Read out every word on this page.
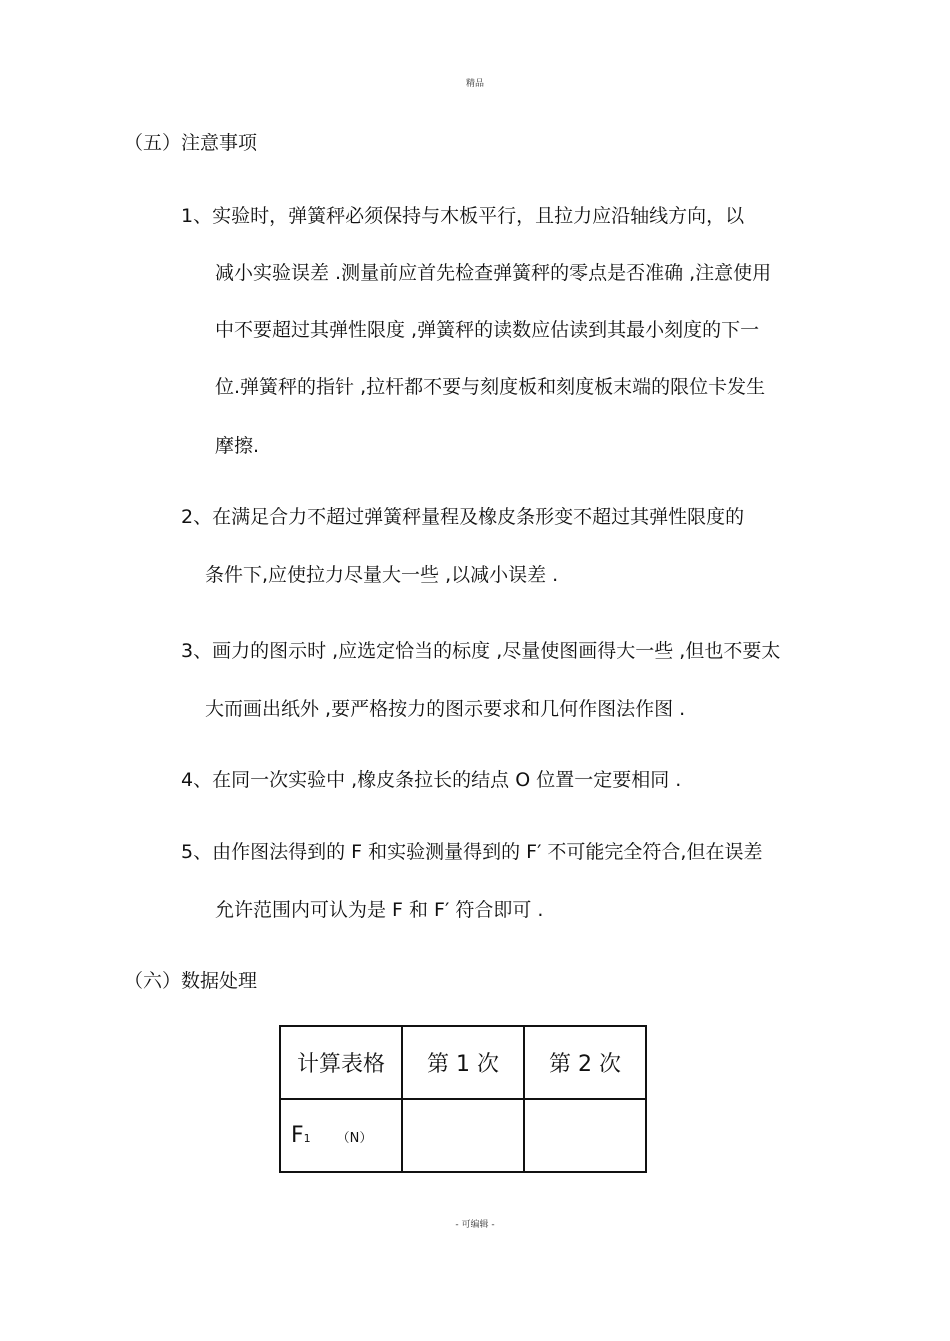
精品
（五）注意事项
1、实验时，弹簧秤必须保持与木板平行，且拉力应沿轴线方向，以
减小实验误差 .测量前应首先检查弹簧秤的零点是否准确 ,注意使用
中不要超过其弹性限度 ,弹簧秤的读数应估读到其最小刻度的下一
位.弹簧秤的指针 ,拉杆都不要与刻度板和刻度板末端的限位卡发生
摩擦.
2、在满足合力不超过弹簧秤量程及橡皮条形变不超过其弹性限度的
条件下,应使拉力尽量大一些 ,以减小误差 .
3、画力的图示时 ,应选定恰当的标度 ,尽量使图画得大一些 ,但也不要太
大而画出纸外 ,要严格按力的图示要求和几何作图法作图 .
4、在同一次实验中 ,橡皮条拉长的结点 O 位置一定要相同 .
5、由作图法得到的 F 和实验测量得到的 F′ 不可能完全符合,但在误差
允许范围内可认为是 F 和 F′ 符合即可 .
（六）数据处理
计算表格	第 1 次	第 2 次
F1 （N）		
- 可编辑 -
